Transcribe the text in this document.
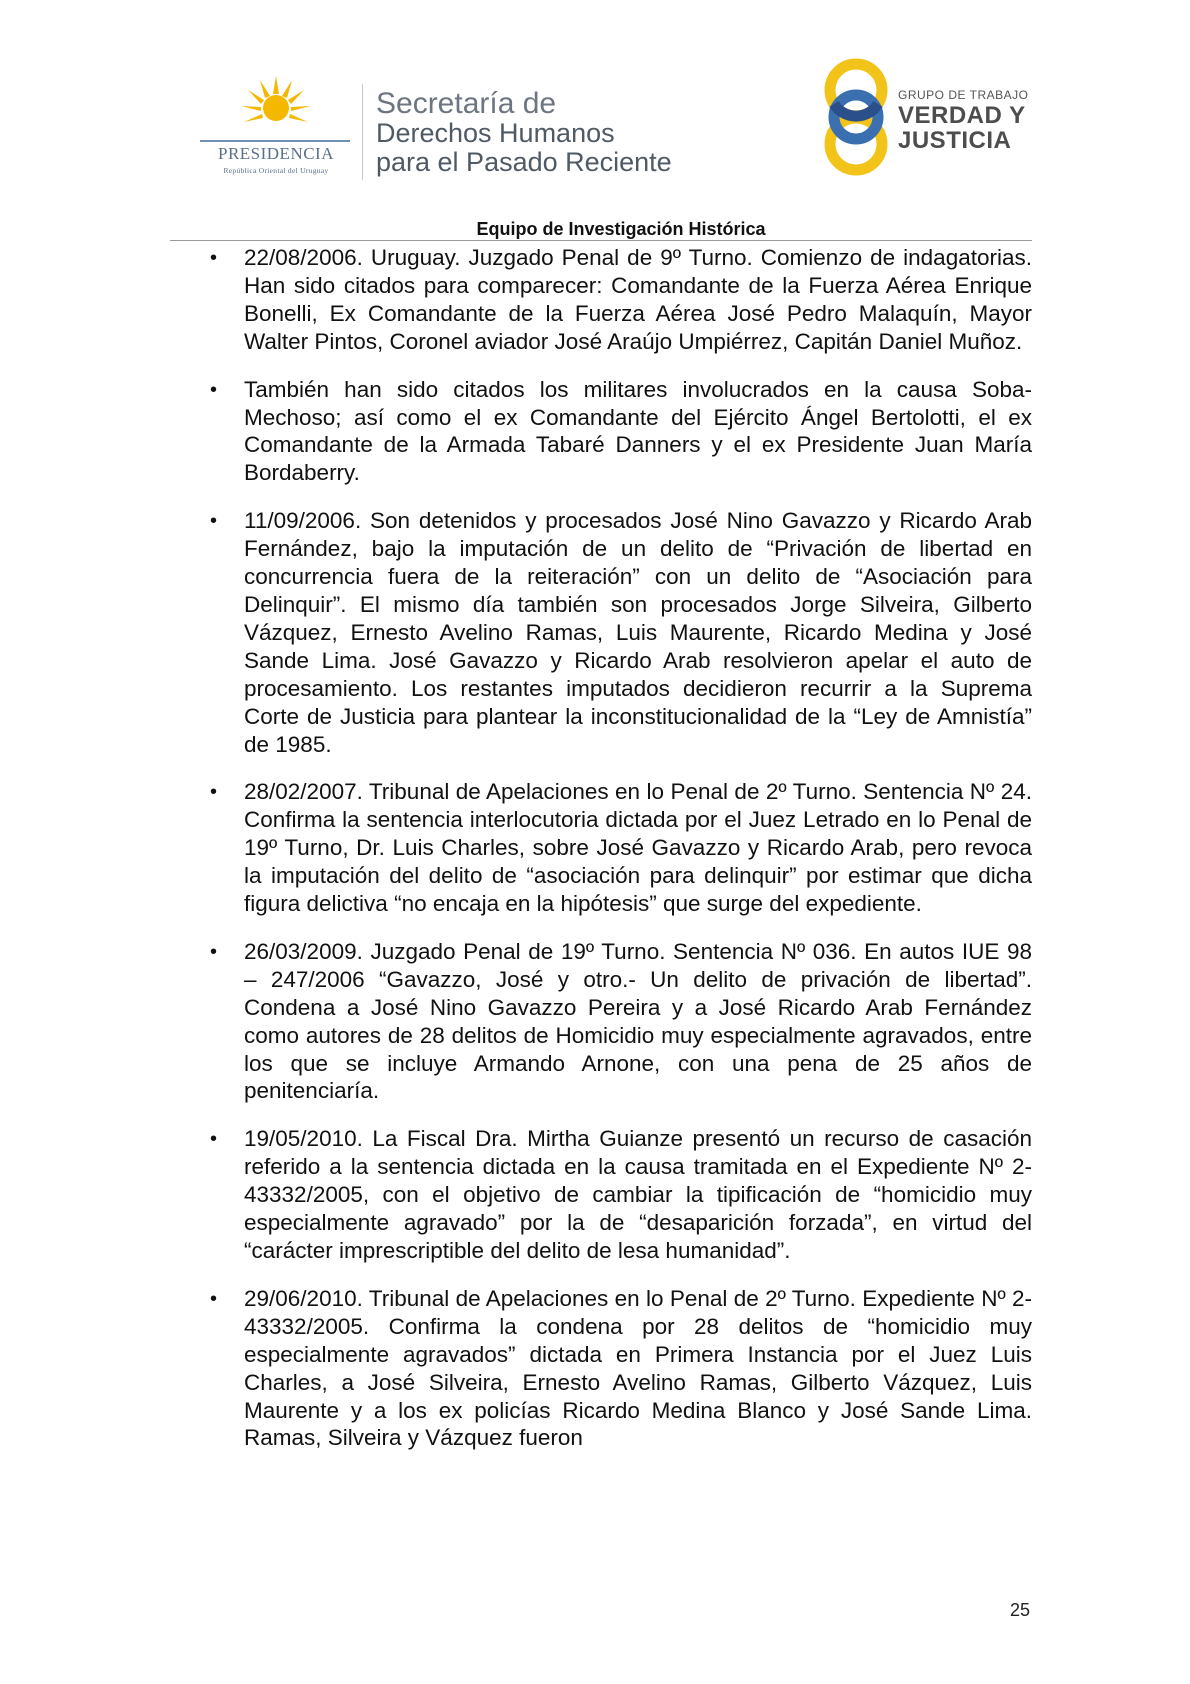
PRESIDENCIA
República Oriental del Uruguay
Secretaría de
Derechos Humanos
para el Pasado Reciente
GRUPO DE TRABAJO
VERDAD Y
JUSTICIA
Equipo de Investigación Histórica
• 22/08/2006. Uruguay. Juzgado Penal de 9º Turno. Comienzo de indagatorias. Han sido citados para comparecer: Comandante de la Fuerza Aérea Enrique Bonelli, Ex Comandante de la Fuerza Aérea José Pedro Malaquín, Mayor Walter Pintos, Coronel aviador José Araújo Umpiérrez, Capitán Daniel Muñoz.
• También han sido citados los militares involucrados en la causa Soba-Mechoso; así como el ex Comandante del Ejército Ángel Bertolotti, el ex Comandante de la Armada Tabaré Danners y el ex Presidente Juan María Bordaberry.
• 11/09/2006. Son detenidos y procesados José Nino Gavazzo y Ricardo Arab Fernández, bajo la imputación de un delito de “Privación de libertad en concurrencia fuera de la reiteración” con un delito de “Asociación para Delinquir”. El mismo día también son procesados Jorge Silveira, Gilberto Vázquez, Ernesto Avelino Ramas, Luis Maurente, Ricardo Medina y José Sande Lima. José Gavazzo y Ricardo Arab resolvieron apelar el auto de procesamiento. Los restantes imputados decidieron recurrir a la Suprema Corte de Justicia para plantear la inconstitucionalidad de la “Ley de Amnistía” de 1985.
• 28/02/2007. Tribunal de Apelaciones en lo Penal de 2º Turno. Sentencia Nº 24. Confirma la sentencia interlocutoria dictada por el Juez Letrado en lo Penal de 19º Turno, Dr. Luis Charles, sobre José Gavazzo y Ricardo Arab, pero revoca la imputación del delito de “asociación para delinquir” por estimar que dicha figura delictiva “no encaja en la hipótesis” que surge del expediente.
• 26/03/2009. Juzgado Penal de 19º Turno. Sentencia Nº 036. En autos IUE 98 – 247/2006 “Gavazzo, José y otro.- Un delito de privación de libertad”. Condena a José Nino Gavazzo Pereira y a José Ricardo Arab Fernández como autores de 28 delitos de Homicidio muy especialmente agravados, entre los que se incluye Armando Arnone, con una pena de 25 años de penitenciaría.
• 19/05/2010. La Fiscal Dra. Mirtha Guianze presentó un recurso de casación referido a la sentencia dictada en la causa tramitada en el Expediente Nº 2-43332/2005, con el objetivo de cambiar la tipificación de “homicidio muy especialmente agravado” por la de “desaparición forzada”, en virtud del “carácter imprescriptible del delito de lesa humanidad”.
• 29/06/2010. Tribunal de Apelaciones en lo Penal de 2º Turno. Expediente Nº 2-43332/2005. Confirma la condena por 28 delitos de “homicidio muy especialmente agravados” dictada en Primera Instancia por el Juez Luis Charles, a José Silveira, Ernesto Avelino Ramas, Gilberto Vázquez, Luis Maurente y a los ex policías Ricardo Medina Blanco y José Sande Lima. Ramas, Silveira y Vázquez fueron
25
